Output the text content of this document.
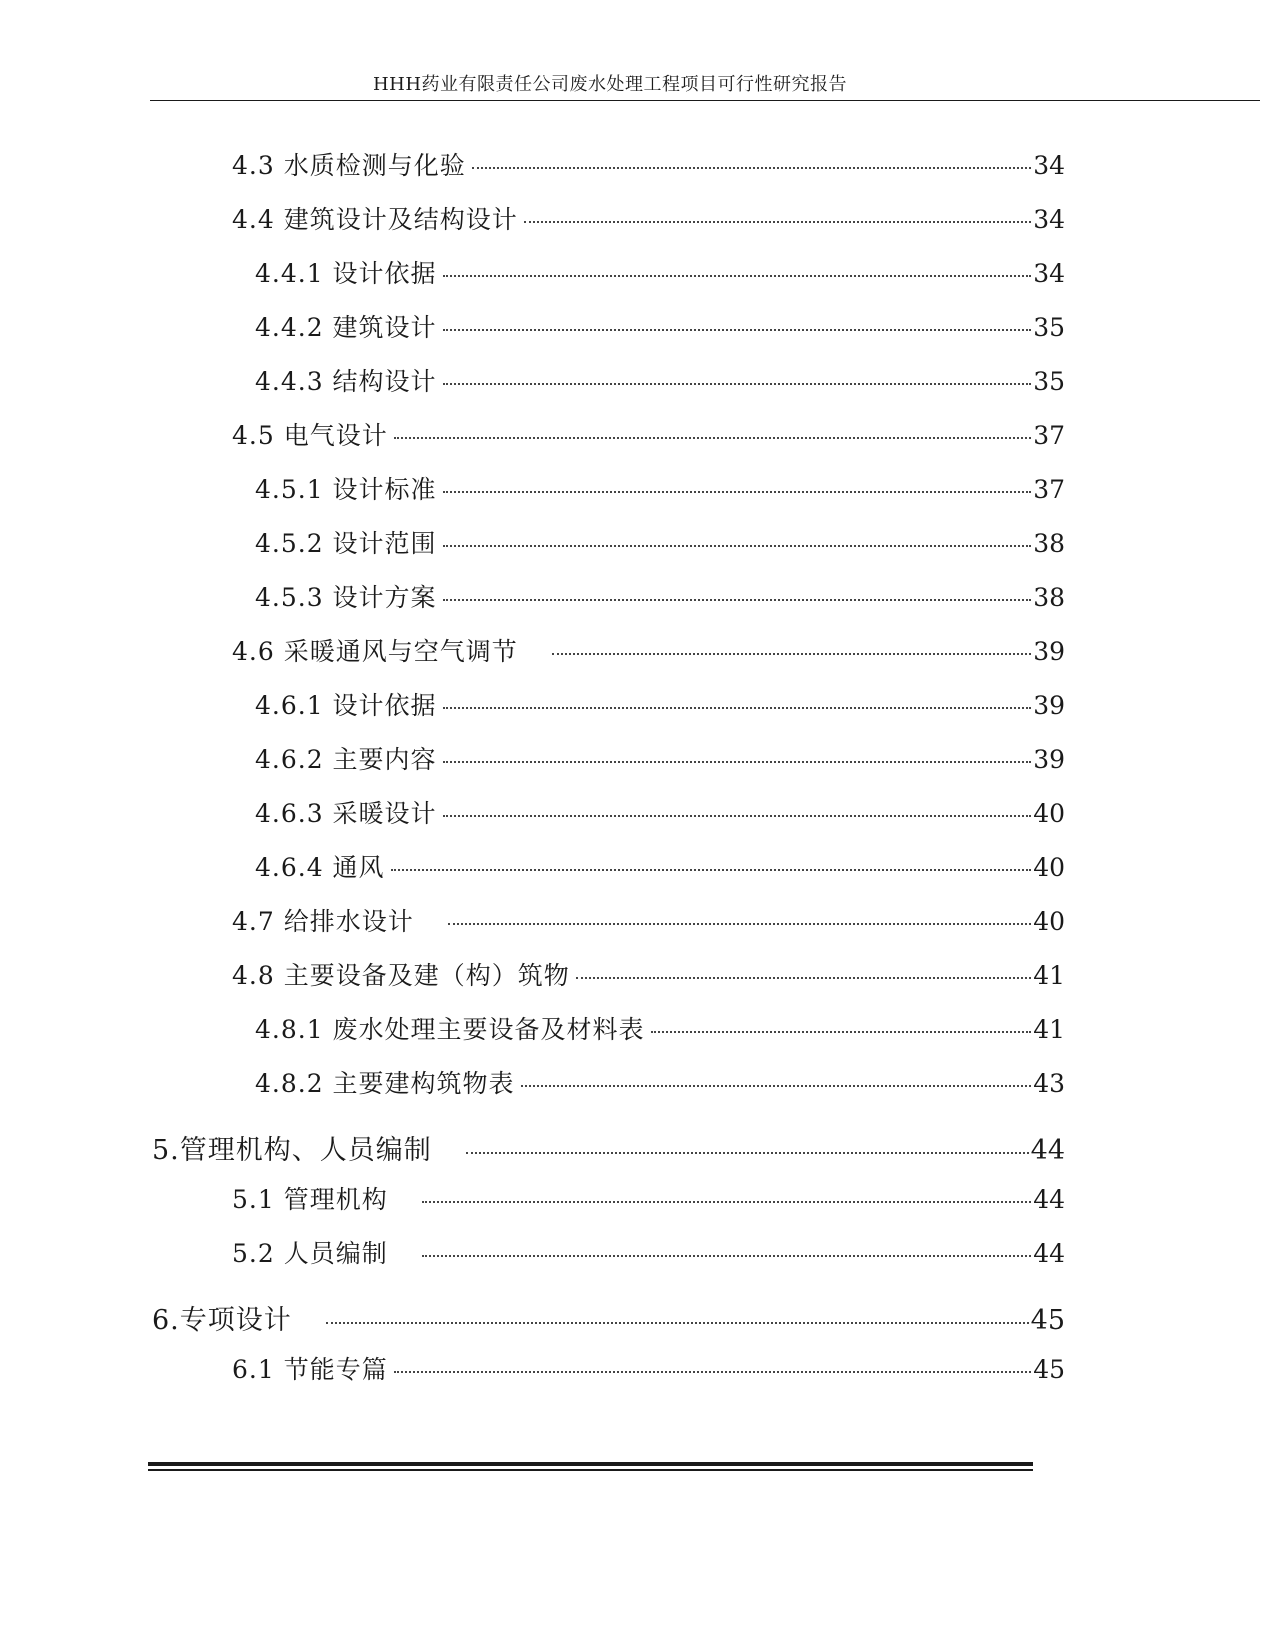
HHH药业有限责任公司废水处理工程项目可行性研究报告
4.3 水质检测与化验	34
4.4 建筑设计及结构设计	34
4.4.1 设计依据	34
4.4.2 建筑设计	35
4.4.3 结构设计	35
4.5 电气设计	37
4.5.1 设计标准	37
4.5.2 设计范围	38
4.5.3 设计方案	38
4.6 采暖通风与空气调节	39
4.6.1 设计依据	39
4.6.2 主要内容	39
4.6.3 采暖设计	40
4.6.4 通风	40
4.7 给排水设计	40
4.8 主要设备及建（构）筑物	41
4.8.1 废水处理主要设备及材料表	41
4.8.2 主要建构筑物表	43
5.管理机构、人员编制	44
5.1 管理机构	44
5.2 人员编制	44
6.专项设计	45
6.1 节能专篇	45
